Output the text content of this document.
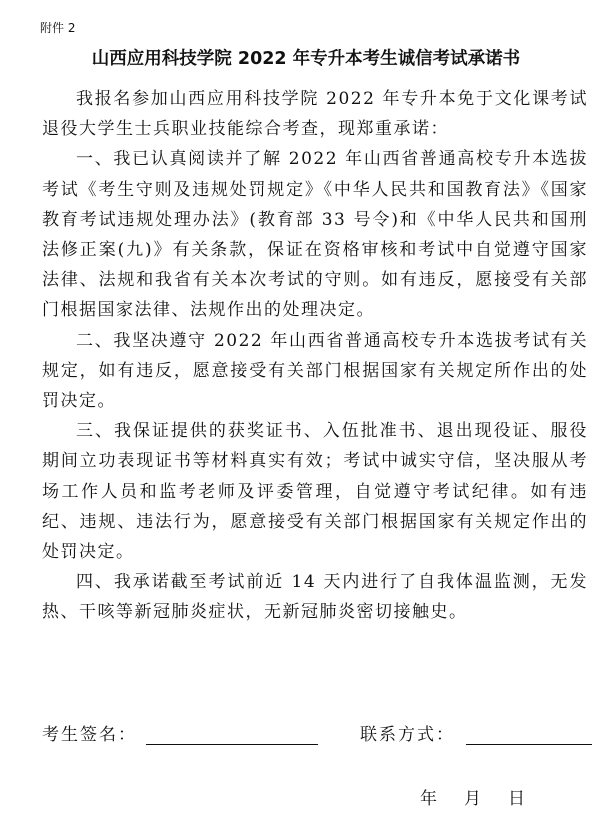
附件 2
山西应用科技学院 2022 年专升本考生诚信考试承诺书

我报名参加山西应用科技学院 2022 年专升本免于文化课考试退役大学生士兵职业技能综合考查，现郑重承诺：

一、我已认真阅读并了解 2022 年山西省普通高校专升本选拔考试《考生守则及违规处罚规定》《中华人民共和国教育法》《国家教育考试违规处理办法》(教育部 33 号令)和《中华人民共和国刑法修正案(九)》有关条款，保证在资格审核和考试中自觉遵守国家法律、法规和我省有关本次考试的守则。如有违反，愿接受有关部门根据国家法律、法规作出的处理决定。

二、我坚决遵守 2022 年山西省普通高校专升本选拔考试有关规定，如有违反，愿意接受有关部门根据国家有关规定所作出的处罚决定。

三、我保证提供的获奖证书、入伍批准书、退出现役证、服役期间立功表现证书等材料真实有效；考试中诚实守信，坚决服从考场工作人员和监考老师及评委管理，自觉遵守考试纪律。如有违纪、违规、违法行为，愿意接受有关部门根据国家有关规定作出的处罚决定。

四、我承诺截至考试前近 14 天内进行了自我体温监测，无发热、干咳等新冠肺炎症状，无新冠肺炎密切接触史。

考生签名：	联系方式：
年	月	日
